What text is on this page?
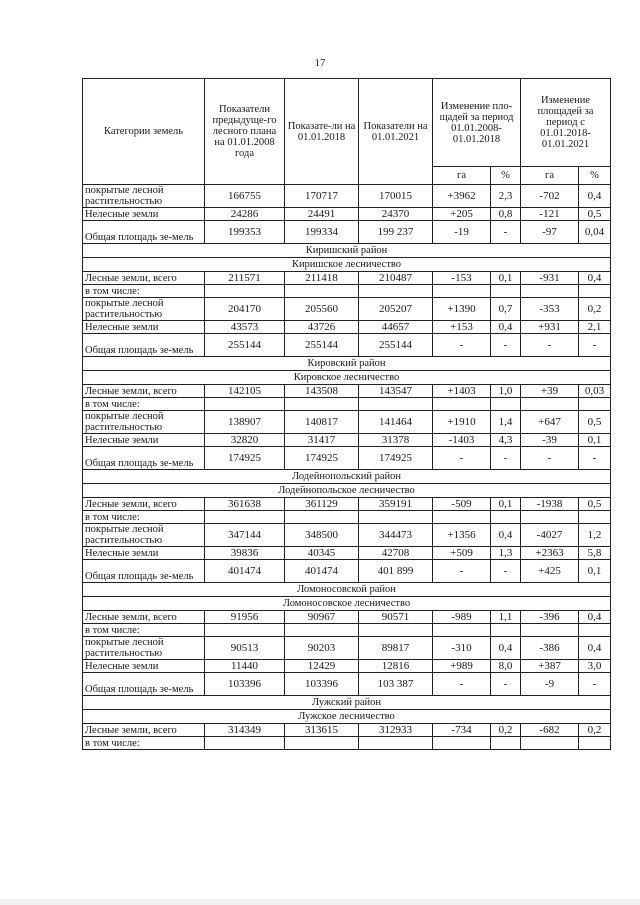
17
Категории земель	Показатели предыдуще-го лесного плана на 01.01.2008 года	Показате-ли на 01.01.2018	Показатели на 01.01.2021	Изменение пло-щадей за период 01.01.2008-01.01.2018		Изменение площадей за период с 01.01.2018-01.01.2021	
				га	%	га	%
покрытые лесной растительностью	166755	170717	170015	+3962	2,3	-702	0,4
Нелесные земли	24286	24491	24370	+205	0,8	-121	0,5
Общая площадь зе-мель	199353	199334	199 237	-19	-	-97	0,04
Киришский район							
Киришское лесничество							
Лесные земли, всего	211571	211418	210487	-153	0,1	-931	0,4
в том числе:							
покрытые лесной растительностью	204170	205560	205207	+1390	0,7	-353	0,2
Нелесные земли	43573	43726	44657	+153	0,4	+931	2,1
Общая площадь зе-мель	255144	255144	255144	-	-	-	-
Кировский район							
Кировское лесничество							
Лесные земли, всего	142105	143508	143547	+1403	1,0	+39	0,03
в том числе:							
покрытые лесной растительностью	138907	140817	141464	+1910	1,4	+647	0,5
Нелесные земли	32820	31417	31378	-1403	4,3	-39	0,1
Общая площадь зе-мель	174925	174925	174925	-	-	-	-
Лодейнопольский район							
Лодейнопольское лесничество							
Лесные земли, всего	361638	361129	359191	-509	0,1	-1938	0,5
в том числе:							
покрытые лесной растительностью	347144	348500	344473	+1356	0,4	-4027	1,2
Нелесные земли	39836	40345	42708	+509	1,3	+2363	5,8
Общая площадь зе-мель	401474	401474	401 899	-	-	+425	0,1
Ломоносовской район							
Ломоносовское лесничество							
Лесные земли, всего	91956	90967	90571	-989	1,1	-396	0,4
в том числе:							
покрытые лесной растительностью	90513	90203	89817	-310	0,4	-386	0,4
Нелесные земли	11440	12429	12816	+989	8,0	+387	3,0
Общая площадь зе-мель	103396	103396	103 387	-	-	-9	-
Лужский район							
Лужское лесничество							
Лесные земли, всего	314349	313615	312933	-734	0,2	-682	0,2
в том числе:							
